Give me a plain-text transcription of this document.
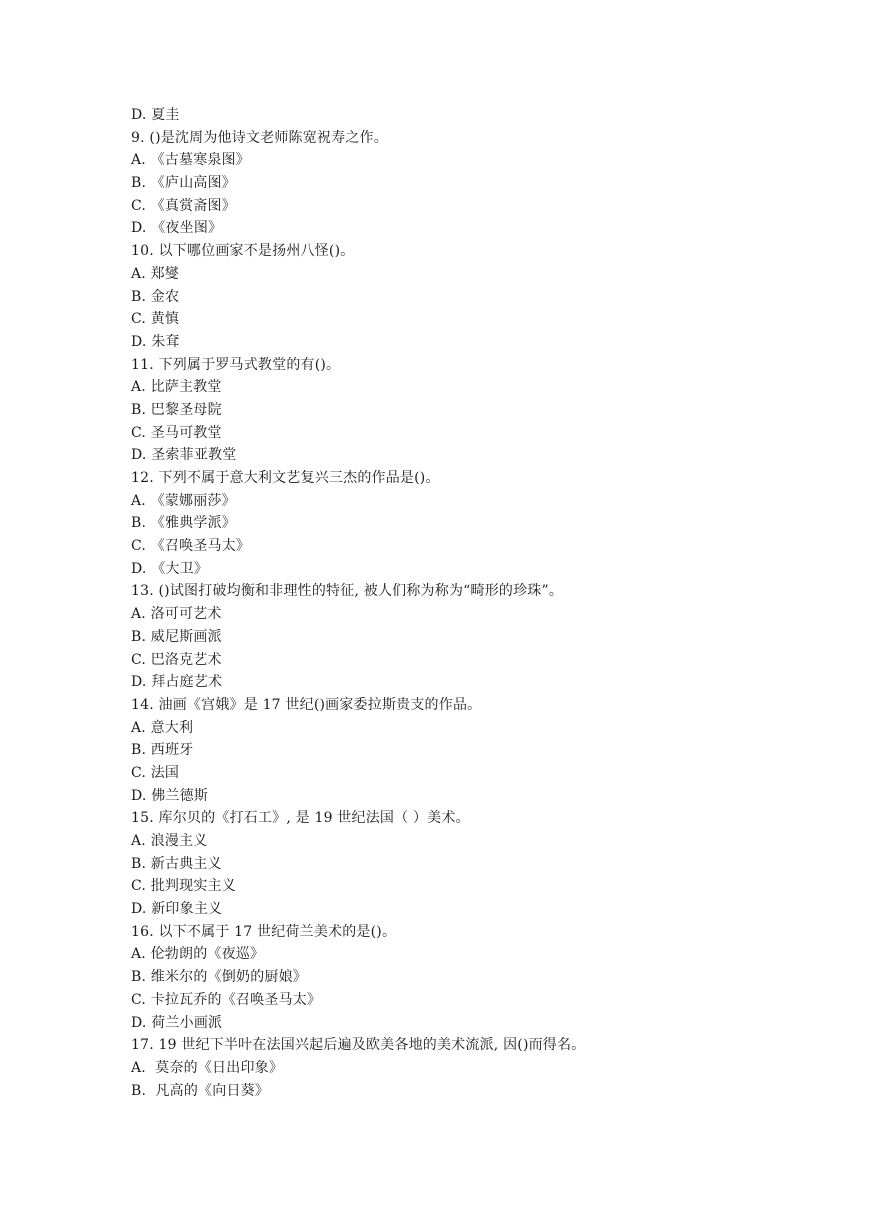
D. 夏圭
9. ()是沈周为他诗文老师陈宽祝寿之作。
A. 《古墓寒泉图》
B. 《庐山高图》
C. 《真赏斋图》
D. 《夜坐图》
10. 以下哪位画家不是扬州八怪()。
A. 郑燮
B. 金农
C. 黄慎
D. 朱耷
11. 下列属于罗马式教堂的有()。
A. 比萨主教堂
B. 巴黎圣母院
C. 圣马可教堂
D. 圣索菲亚教堂
12. 下列不属于意大利文艺复兴三杰的作品是()。
A. 《蒙娜丽莎》
B. 《雅典学派》
C. 《召唤圣马太》
D. 《大卫》
13. ()试图打破均衡和非理性的特征, 被人们称为称为“畸形的珍珠”。
A. 洛可可艺术
B. 威尼斯画派
C. 巴洛克艺术
D. 拜占庭艺术
14. 油画《宫娥》是 17 世纪()画家委拉斯贵支的作品。
A. 意大利
B. 西班牙
C. 法国
D. 佛兰德斯
15. 库尔贝的《打石工》, 是 19 世纪法国（ ）美术。
A. 浪漫主义
B. 新古典主义
C. 批判现实主义
D. 新印象主义
16. 以下不属于 17 世纪荷兰美术的是()。
A. 伦勃朗的《夜巡》
B. 维米尔的《倒奶的厨娘》
C. 卡拉瓦乔的《召唤圣马太》
D. 荷兰小画派
17. 19 世纪下半叶在法国兴起后遍及欧美各地的美术流派, 因()而得名。
A.  莫奈的《日出印象》
B.  凡高的《向日葵》
